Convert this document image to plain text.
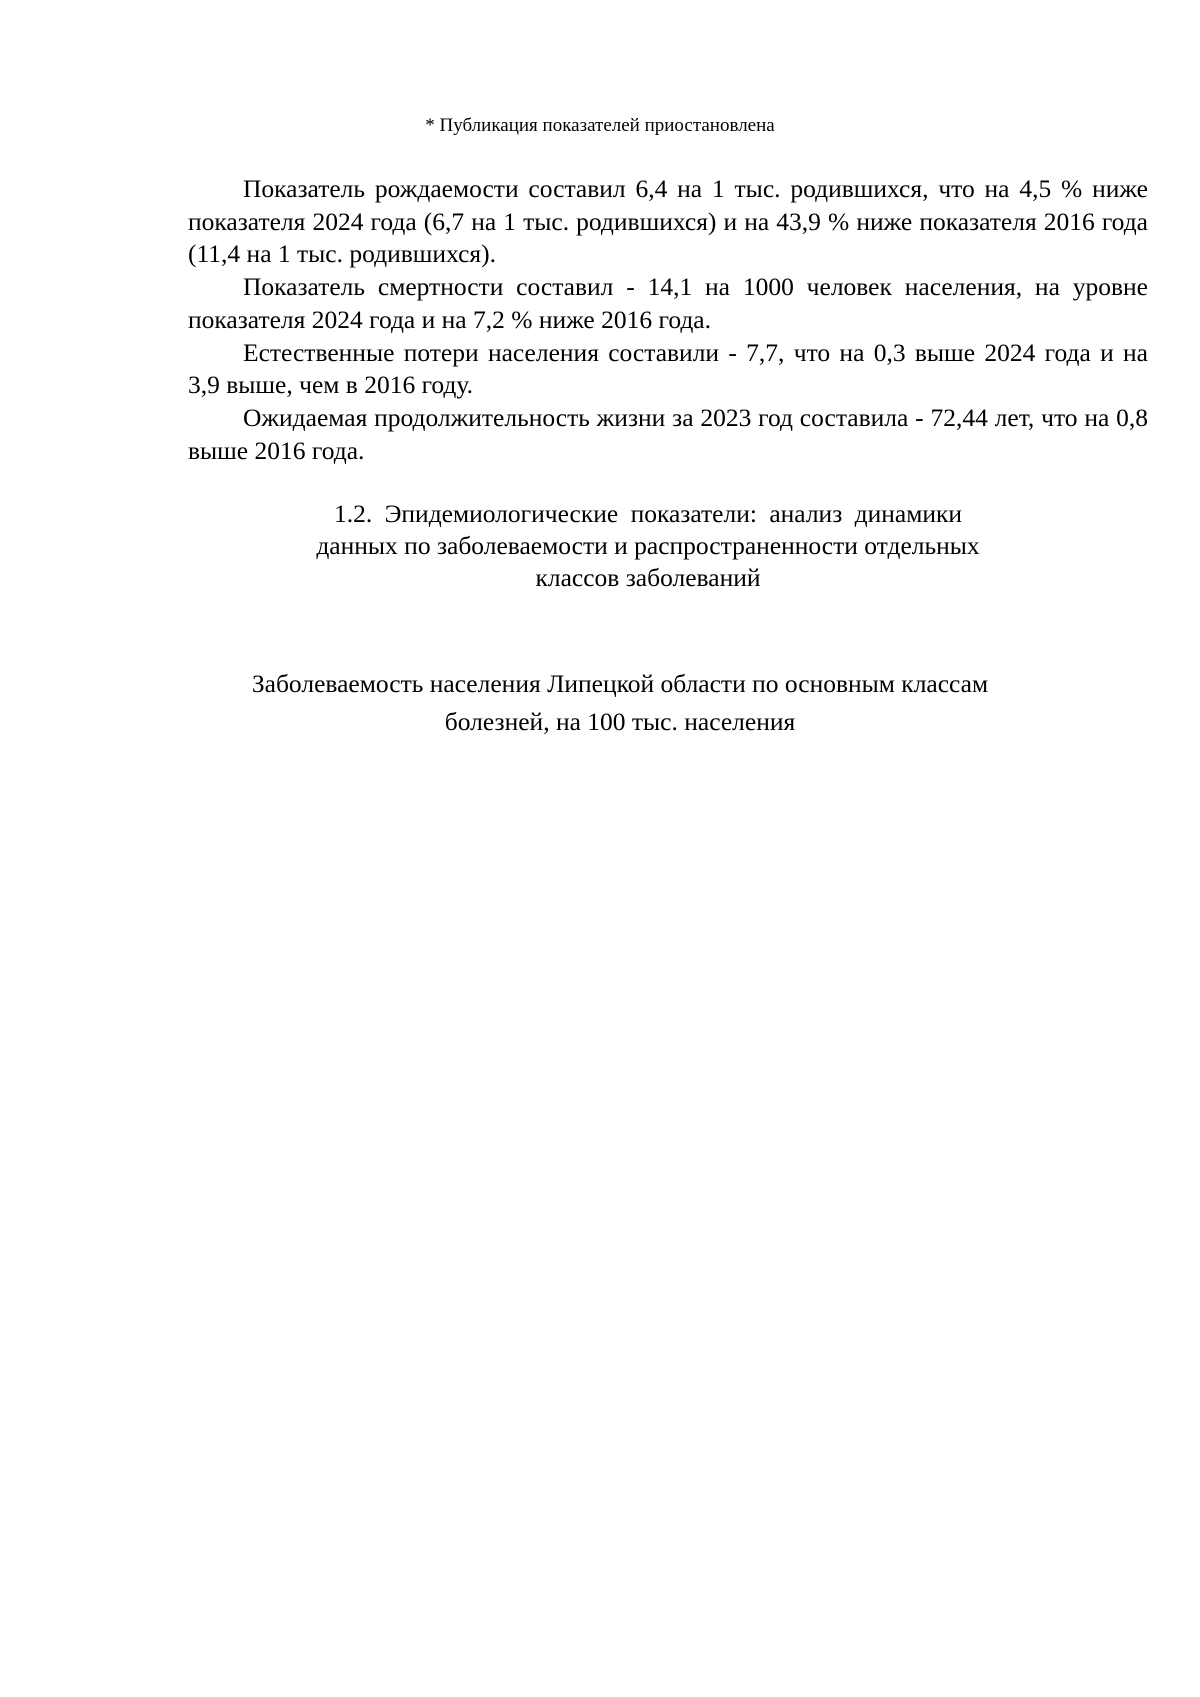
* Публикация показателей приостановлена

Показатель рождаемости составил 6,4 на 1 тыс. родившихся, что на 4,5 % ниже показателя 2024 года (6,7 на 1 тыс. родившихся) и на 43,9 % ниже показателя 2016 года (11,4 на 1 тыс. родившихся).

Показатель смертности составил - 14,1 на 1000 человек населения, на уровне показателя 2024 года и на 7,2 % ниже 2016 года.

Естественные потери населения составили - 7,7, что на 0,3 выше 2024 года и на 3,9 выше, чем в 2016 году.

Ожидаемая продолжительность жизни за 2023 год составила - 72,44 лет, что на 0,8 выше 2016 года.

1.2. Эпидемиологические показатели: анализ динамики
данных по заболеваемости и распространенности отдельных
классов заболеваний
Заболеваемость населения Липецкой области по основным классам
болезней, на 100 тыс. населения
